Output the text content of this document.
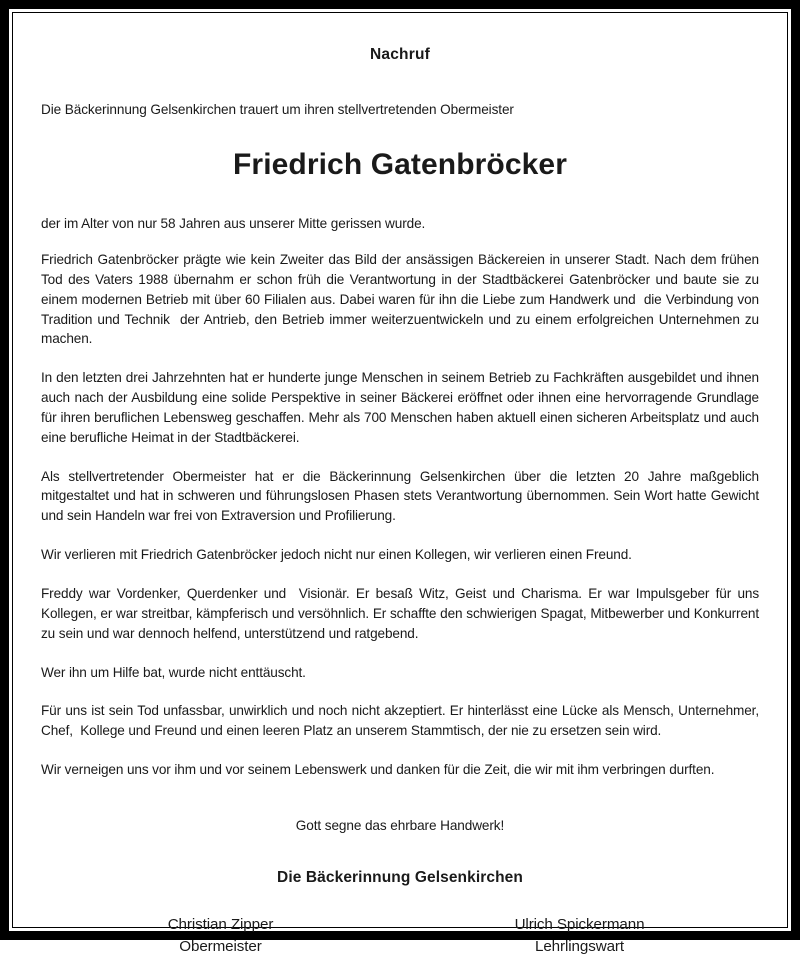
Nachruf

Die Bäckerinnung Gelsenkirchen trauert um ihren stellvertretenden Obermeister

Friedrich Gatenbröcker

der im Alter von nur 58 Jahren aus unserer Mitte gerissen wurde.

Friedrich Gatenbröcker prägte wie kein Zweiter das Bild der ansässigen Bäckereien in unserer Stadt. Nach dem frühen Tod des Vaters 1988 übernahm er schon früh die Verantwortung in der Stadtbäckerei Gatenbröcker und baute sie zu einem modernen Betrieb mit über 60 Filialen aus. Dabei waren für ihn die Liebe zum Handwerk und  die Verbindung von Tradition und Technik  der Antrieb, den Betrieb immer weiterzuentwickeln und zu einem erfolgreichen Unternehmen zu machen.

In den letzten drei Jahrzehnten hat er hunderte junge Menschen in seinem Betrieb zu Fachkräften ausgebildet und ihnen auch nach der Ausbildung eine solide Perspektive in seiner Bäckerei eröffnet oder ihnen eine hervorragende Grundlage für ihren beruflichen Lebensweg geschaffen. Mehr als 700 Menschen haben aktuell einen sicheren Arbeitsplatz und auch eine berufliche Heimat in der Stadtbäckerei.

Als stellvertretender Obermeister hat er die Bäckerinnung Gelsenkirchen über die letzten 20 Jahre maßgeblich mitgestaltet und hat in schweren und führungslosen Phasen stets Verantwortung übernommen. Sein Wort hatte Gewicht und sein Handeln war frei von Extraversion und Profilierung.

Wir verlieren mit Friedrich Gatenbröcker jedoch nicht nur einen Kollegen, wir verlieren einen Freund.

Freddy war Vordenker, Querdenker und  Visionär. Er besaß Witz, Geist und Charisma. Er war Impulsgeber für uns Kollegen, er war streitbar, kämpferisch und versöhnlich. Er schaffte den schwierigen Spagat, Mitbewerber und Konkurrent zu sein und war dennoch helfend, unterstützend und ratgebend.

Wer ihn um Hilfe bat, wurde nicht enttäuscht.

Für uns ist sein Tod unfassbar, unwirklich und noch nicht akzeptiert. Er hinterlässt eine Lücke als Mensch, Unternehmer, Chef,  Kollege und Freund und einen leeren Platz an unserem Stammtisch, der nie zu ersetzen sein wird.

Wir verneigen uns vor ihm und vor seinem Lebenswerk und danken für die Zeit, die wir mit ihm verbringen durften.

Gott segne das ehrbare Handwerk!

Die Bäckerinnung Gelsenkirchen

Christian Zipper
Obermeister
Ulrich Spickermann
Lehrlingswart
